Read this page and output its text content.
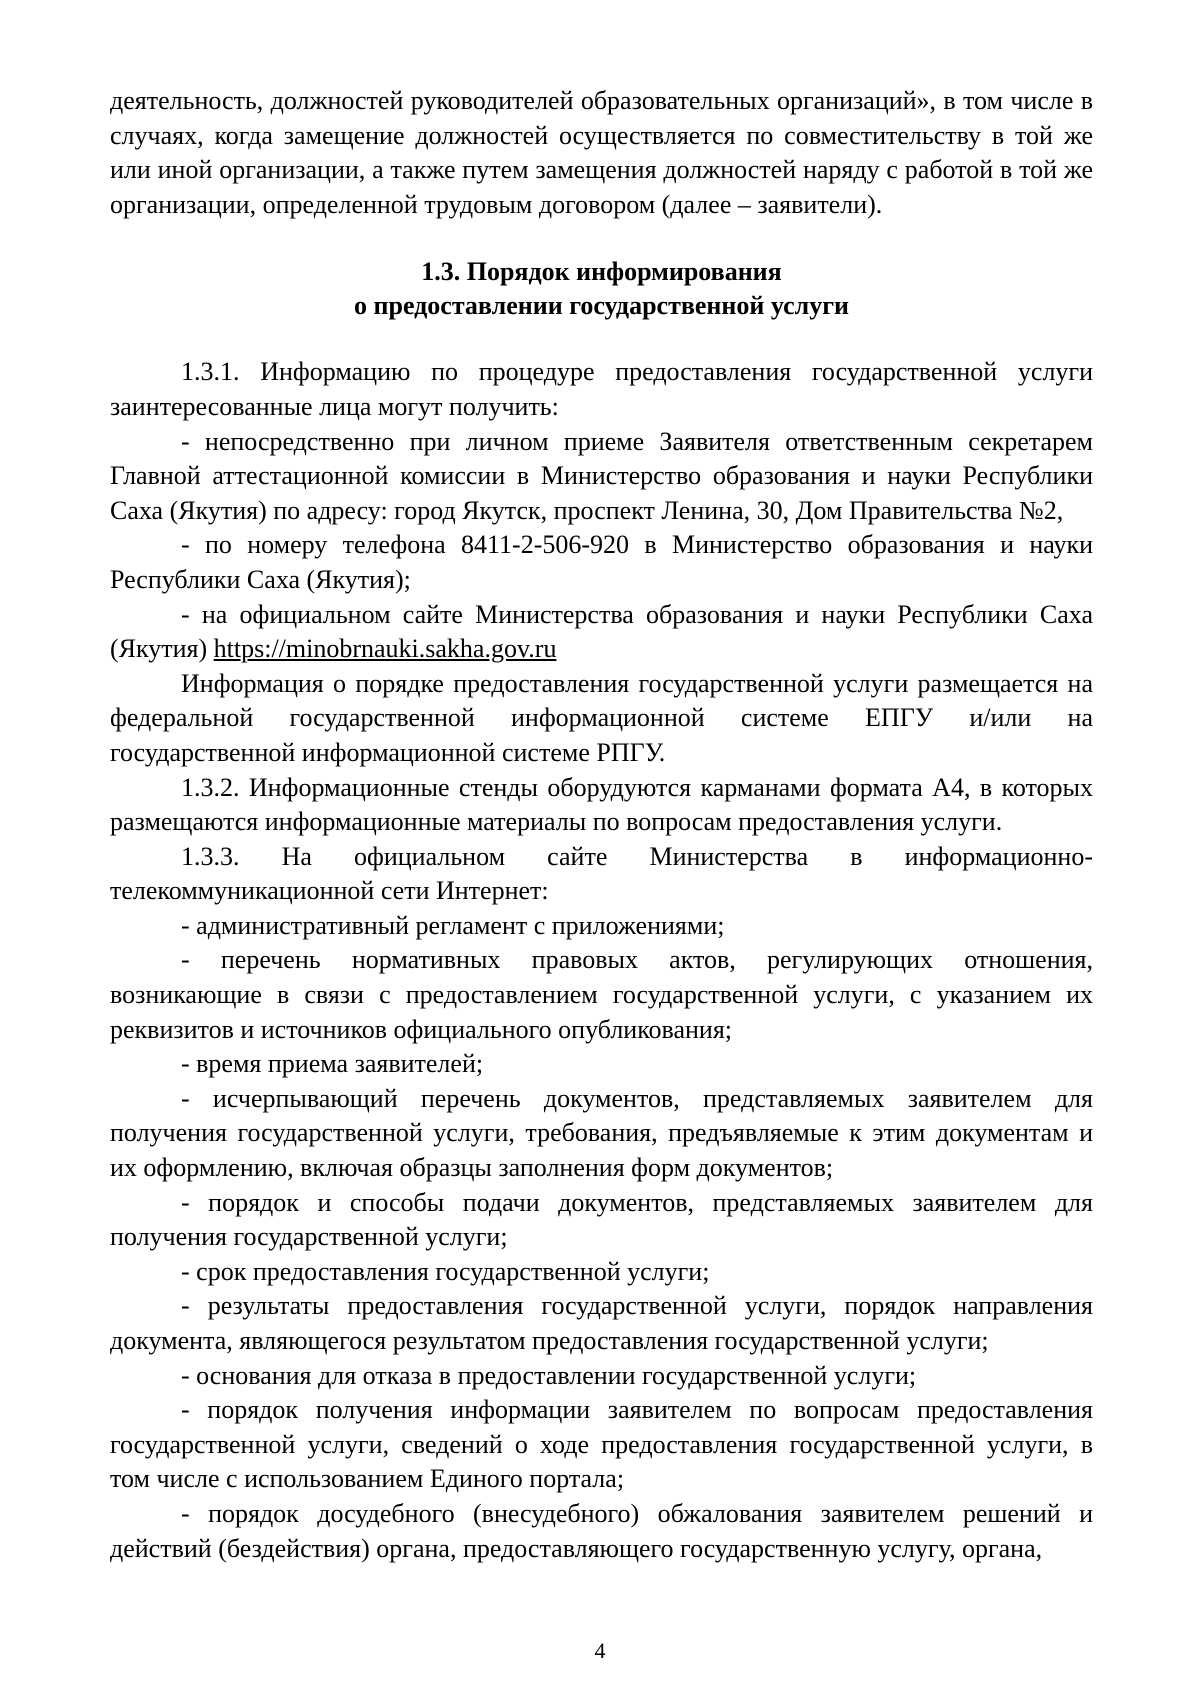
деятельность, должностей руководителей образовательных организаций», в том числе в случаях, когда замещение должностей осуществляется по совместительству в той же или иной организации, а также путем замещения должностей наряду с работой в той же организации, определенной трудовым договором (далее – заявители).

1.3. Порядок информирования
о предоставлении государственной услуги

1.3.1. Информацию по процедуре предоставления государственной услуги заинтересованные лица могут получить:

- непосредственно при личном приеме Заявителя ответственным секретарем Главной аттестационной комиссии в Министерство образования и науки Республики Саха (Якутия) по адресу: город Якутск, проспект Ленина, 30, Дом Правительства №2,

- по номеру телефона 8411-2-506-920 в Министерство образования и науки Республики Саха (Якутия);

- на официальном сайте Министерства образования и науки Республики Саха (Якутия) https://minobrnauki.sakha.gov.ru

Информация о порядке предоставления государственной услуги размещается на федеральной государственной информационной системе ЕПГУ и/или на государственной информационной системе РПГУ.

1.3.2. Информационные стенды оборудуются карманами формата А4, в которых размещаются информационные материалы по вопросам предоставления услуги.

1.3.3. На официальном сайте Министерства в информационно-телекоммуникационной сети Интернет:

- административный регламент с приложениями;

- перечень нормативных правовых актов, регулирующих отношения, возникающие в связи с предоставлением государственной услуги, с указанием их реквизитов и источников официального опубликования;

- время приема заявителей;

- исчерпывающий перечень документов, представляемых заявителем для получения государственной услуги, требования, предъявляемые к этим документам и их оформлению, включая образцы заполнения форм документов;

- порядок и способы подачи документов, представляемых заявителем для получения государственной услуги;

- срок предоставления государственной услуги;

- результаты предоставления государственной услуги, порядок направления документа, являющегося результатом предоставления государственной услуги;

- основания для отказа в предоставлении государственной услуги;

- порядок получения информации заявителем по вопросам предоставления государственной услуги, сведений о ходе предоставления государственной услуги, в том числе с использованием Единого портала;

- порядок досудебного (внесудебного) обжалования заявителем решений и действий (бездействия) органа, предоставляющего государственную услугу, органа,

4
